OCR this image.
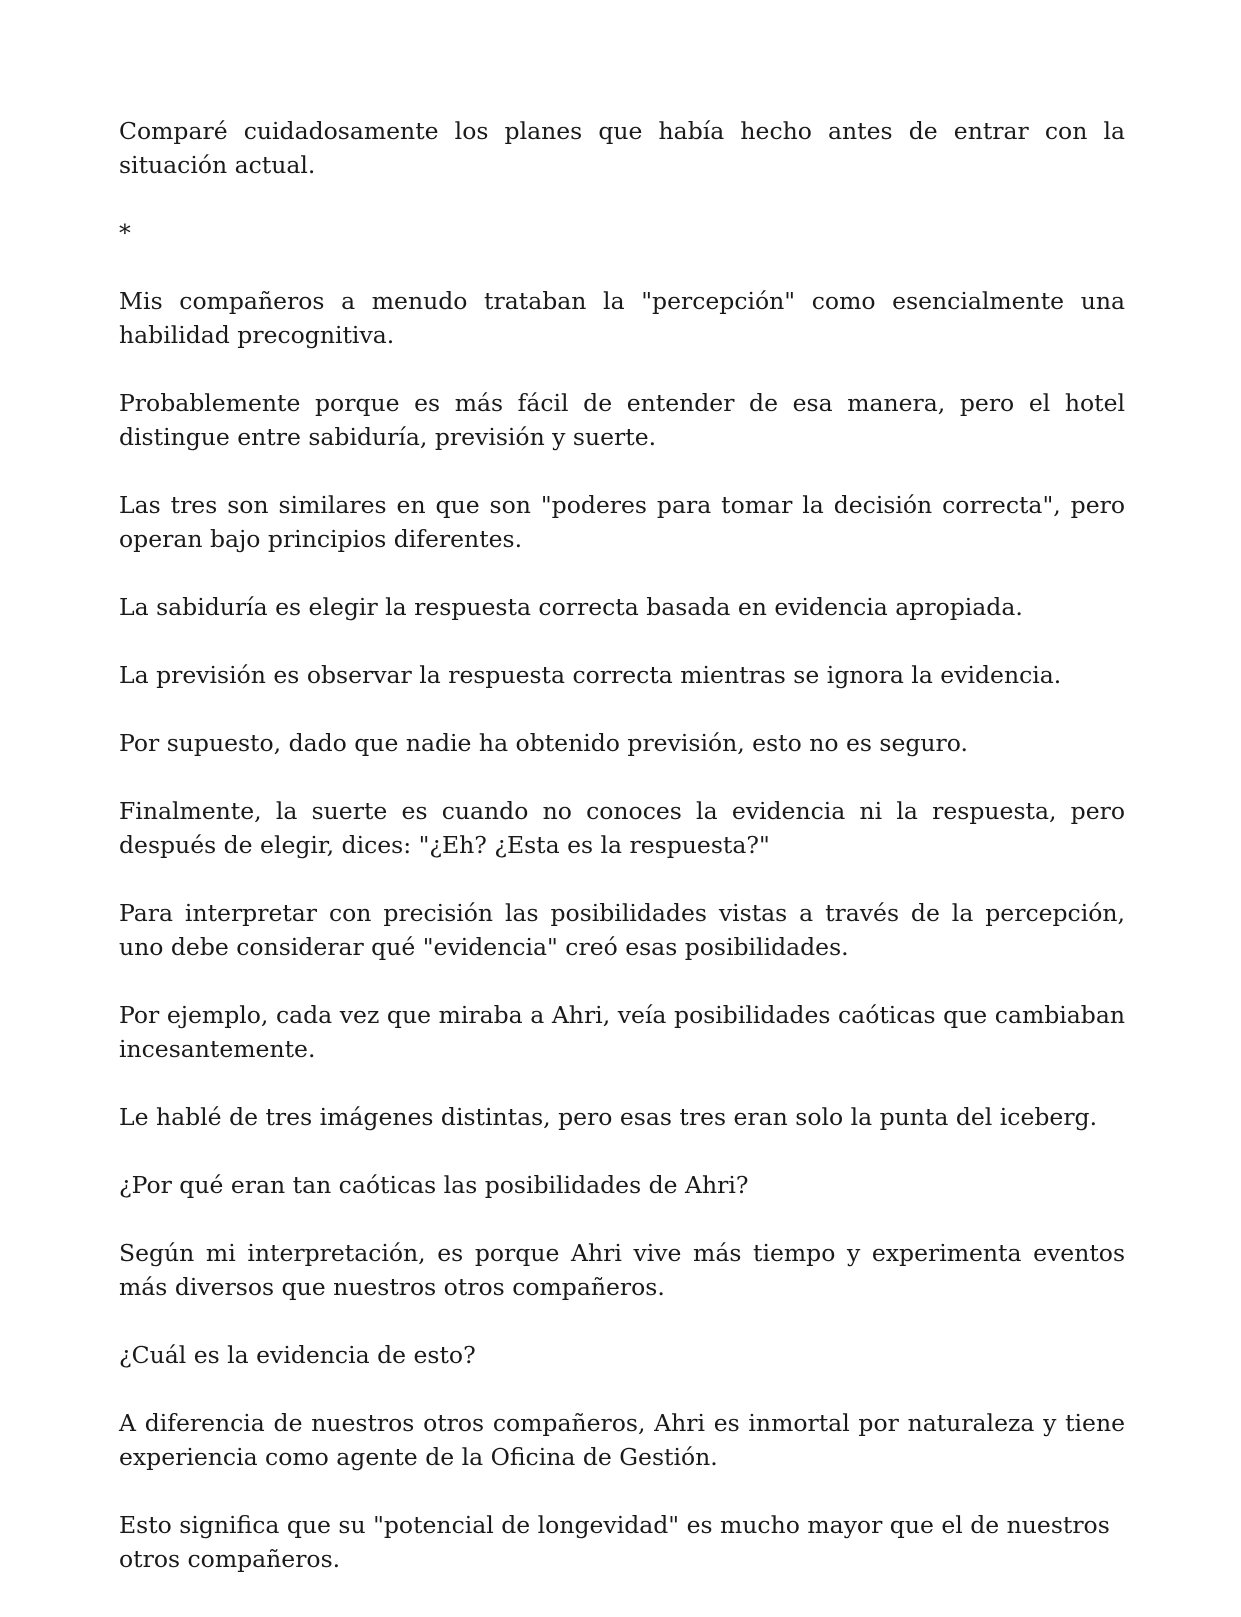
Comparé cuidadosamente los planes que había hecho antes de entrar con la situación actual.

*

Mis compañeros a menudo trataban la "percepción" como esencialmente una habilidad precognitiva.

Probablemente porque es más fácil de entender de esa manera, pero el hotel distingue entre sabiduría, previsión y suerte.

Las tres son similares en que son "poderes para tomar la decisión correcta", pero operan bajo principios diferentes.

La sabiduría es elegir la respuesta correcta basada en evidencia apropiada.

La previsión es observar la respuesta correcta mientras se ignora la evidencia.

Por supuesto, dado que nadie ha obtenido previsión, esto no es seguro.

Finalmente, la suerte es cuando no conoces la evidencia ni la respuesta, pero después de elegir, dices: "¿Eh? ¿Esta es la respuesta?"

Para interpretar con precisión las posibilidades vistas a través de la percepción, uno debe considerar qué "evidencia" creó esas posibilidades.

Por ejemplo, cada vez que miraba a Ahri, veía posibilidades caóticas que cambiaban incesantemente.

Le hablé de tres imágenes distintas, pero esas tres eran solo la punta del iceberg.

¿Por qué eran tan caóticas las posibilidades de Ahri?

Según mi interpretación, es porque Ahri vive más tiempo y experimenta eventos más diversos que nuestros otros compañeros.

¿Cuál es la evidencia de esto?

A diferencia de nuestros otros compañeros, Ahri es inmortal por naturaleza y tiene experiencia como agente de la Oficina de Gestión.

Esto significa que su "potencial de longevidad" es mucho mayor que el de nuestros otros compañeros.
